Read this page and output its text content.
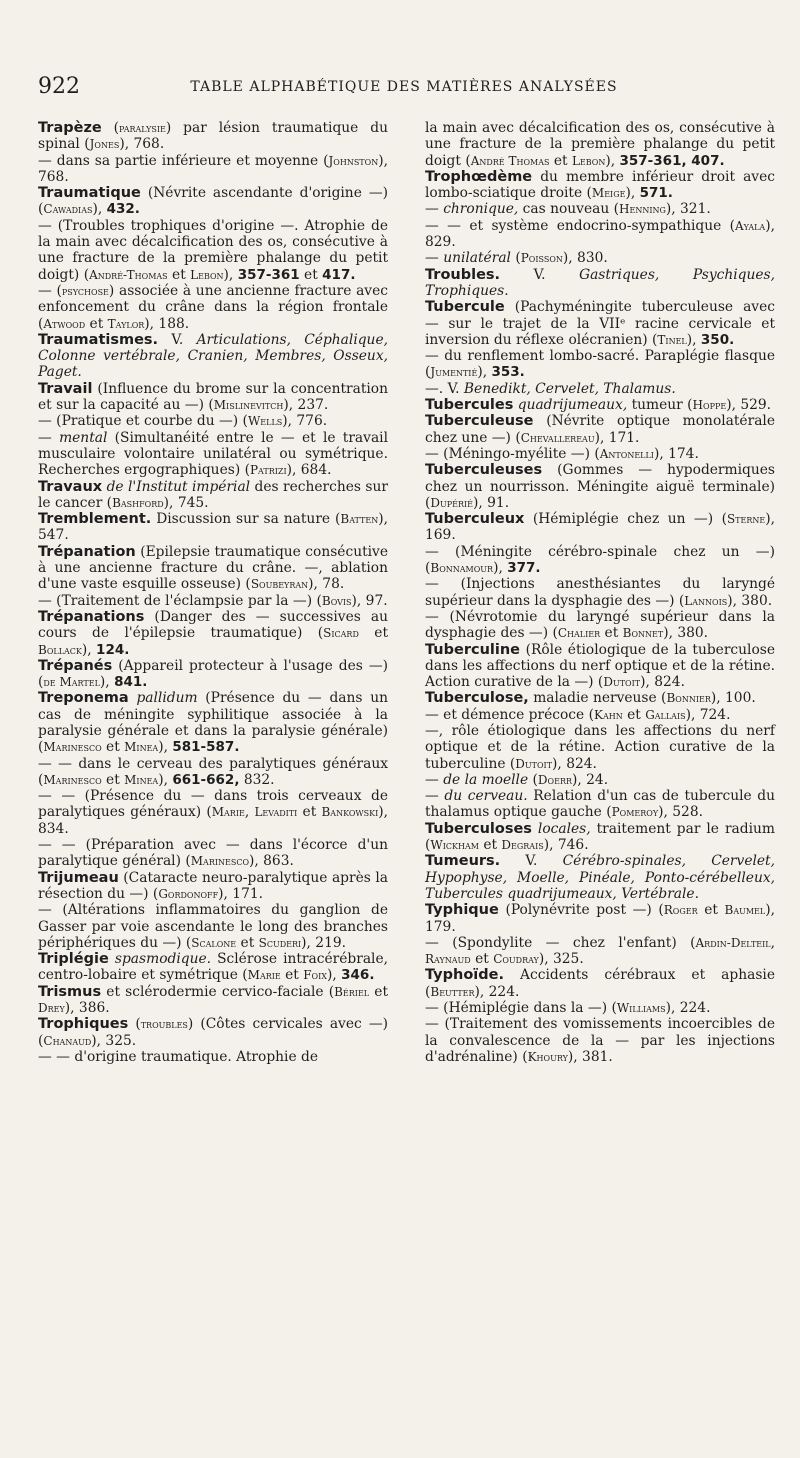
922	TABLE ALPHABÉTIQUE DES MATIÈRES ANALYSÉES

Trapèze (paralysie) par lésion traumatique du spinal (Jones), 768.

— dans sa partie inférieure et moyenne (Johnston), 768.

Traumatique (Névrite ascendante d'origine —) (Cawadias), 432.

— (Troubles trophiques d'origine —. Atrophie de la main avec décalcification des os, consécutive à une fracture de la première phalange du petit doigt) (André-Thomas et Lebon), 357-361 et 417.

— (psychose) associée à une ancienne fracture avec enfoncement du crâne dans la région frontale (Atwood et Taylor), 188.

Traumatismes. V. Articulations, Céphalique, Colonne vertébrale, Cranien, Membres, Osseux, Paget.

Travail (Influence du brome sur la concentration et sur la capacité au —) (Mislinevitch), 237.

— (Pratique et courbe du —) (Wells), 776.

— mental (Simultanéité entre le — et le travail musculaire volontaire unilatéral ou symétrique. Recherches ergographiques) (Patrizi), 684.

Travaux de l'Institut impérial des recherches sur le cancer (Bashford), 745.

Tremblement. Discussion sur sa nature (Batten), 547.

Trépanation (Epilepsie traumatique consécutive à une ancienne fracture du crâne. —, ablation d'une vaste esquille osseuse) (Soubeyran), 78.

— (Traitement de l'éclampsie par la —) (Bovis), 97.

Trépanations (Danger des — successives au cours de l'épilepsie traumatique) (Sicard et Bollack), 124.

Trépanés (Appareil protecteur à l'usage des —) (de Martel), 841.

Treponema pallidum (Présence du — dans un cas de méningite syphilitique associée à la paralysie générale et dans la paralysie générale) (Marinesco et Minea), 581-587.

— — dans le cerveau des paralytiques généraux (Marinesco et Minea), 661-662, 832.

— — (Présence du — dans trois cerveaux de paralytiques généraux) (Marie, Levaditi et Bankowski), 834.

— — (Préparation avec — dans l'écorce d'un paralytique général) (Marinesco), 863.

Trijumeau (Cataracte neuro-paralytique après la résection du —) (Gordonoff), 171.

— (Altérations inflammatoires du ganglion de Gasser par voie ascendante le long des branches périphériques du —) (Scalone et Scuderi), 219.

Triplégie spasmodique. Sclérose intracérébrale, centro-lobaire et symétrique (Marie et Foix), 346.

Trismus et sclérodermie cervico-faciale (Bériel et Drey), 386.

Trophiques (troubles) (Côtes cervicales avec —) (Chanaud), 325.

— — d'origine traumatique. Atrophie de

la main avec décalcification des os, consécutive à une fracture de la première phalange du petit doigt (André Thomas et Lebon), 357-361, 407.

Trophœdème du membre inférieur droit avec lombo-sciatique droite (Meige), 571.

— chronique, cas nouveau (Henning), 321.

— — et système endocrino-sympathique (Ayala), 829.

— unilatéral (Poisson), 830.

Troubles. V. Gastriques, Psychiques, Trophiques.

Tubercule (Pachyméningite tuberculeuse avec — sur le trajet de la VIIᵉ racine cervicale et inversion du réflexe olécranien) (Tinel), 350.

— du renflement lombo-sacré. Paraplégie flasque (Jumentié), 353.

—. V. Benedikt, Cervelet, Thalamus.

Tubercules quadrijumeaux, tumeur (Hoppe), 529.

Tuberculeuse (Névrite optique monolatérale chez une —) (Chevallereau), 171.

— (Méningo-myélite —) (Antonelli), 174.

Tuberculeuses (Gommes — hypodermiques chez un nourrisson. Méningite aiguë terminale) (Dupérié), 91.

Tuberculeux (Hémiplégie chez un —) (Sterne), 169.

— (Méningite cérébro-spinale chez un —) (Bonnamour), 377.

— (Injections anesthésiantes du laryngé supérieur dans la dysphagie des —) (Lannois), 380.

— (Névrotomie du laryngé supérieur dans la dysphagie des —) (Chalier et Bonnet), 380.

Tuberculine (Rôle étiologique de la tuberculose dans les affections du nerf optique et de la rétine. Action curative de la —) (Dutoit), 824.

Tuberculose, maladie nerveuse (Bonnier), 100.

— et démence précoce (Kahn et Gallais), 724.

—, rôle étiologique dans les affections du nerf optique et de la rétine. Action curative de la tuberculine (Dutoit), 824.

— de la moelle (Doerr), 24.

— du cerveau. Relation d'un cas de tubercule du thalamus optique gauche (Pomeroy), 528.

Tuberculoses locales, traitement par le radium (Wickham et Degrais), 746.

Tumeurs. V. Cérébro-spinales, Cervelet, Hypophyse, Moelle, Pinéale, Ponto-cérébelleux, Tubercules quadrijumeaux, Vertébrale.

Typhique (Polynévrite post —) (Roger et Baumel), 179.

— (Spondylite — chez l'enfant) (Ardin-Delteil, Raynaud et Coudray), 325.

Typhoïde. Accidents cérébraux et aphasie (Beutter), 224.

— (Hémiplégie dans la —) (Williams), 224.

— (Traitement des vomissements incoercibles de la convalescence de la — par les injections d'adrénaline) (Khoury), 381.
